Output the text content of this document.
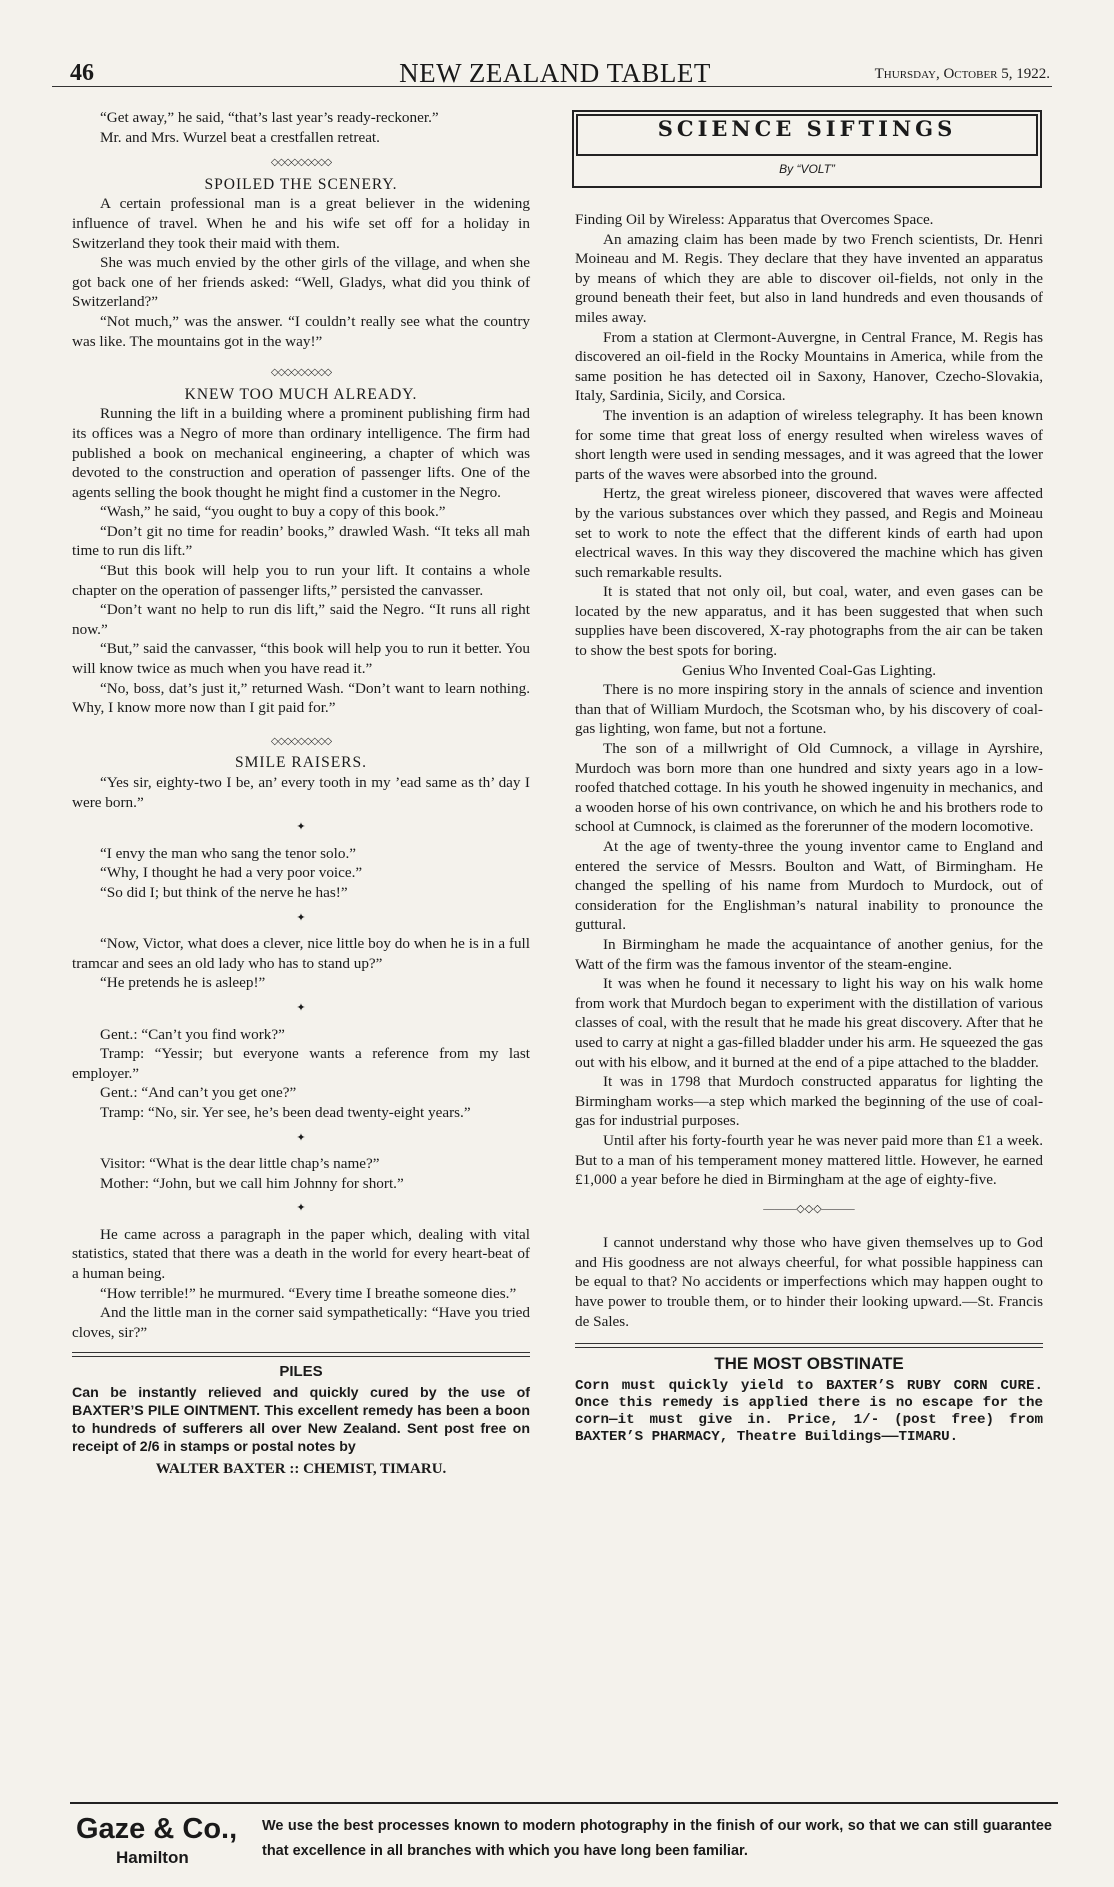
46	NEW ZEALAND TABLET	Thursday, October 5, 1922.

“Get away,” he said, “that’s last year’s ready-reckoner.”

Mr. and Mrs. Wurzel beat a crestfallen retreat.

◇◇◇◇◇◇◇◇◇
SPOILED THE SCENERY.

A certain professional man is a great believer in the widening influence of travel. When he and his wife set off for a holiday in Switzerland they took their maid with them.

She was much envied by the other girls of the village, and when she got back one of her friends asked: “Well, Gladys, what did you think of Switzerland?”

“Not much,” was the answer. “I couldn’t really see what the country was like. The mountains got in the way!”

◇◇◇◇◇◇◇◇◇
KNEW TOO MUCH ALREADY.

Running the lift in a building where a prominent publishing firm had its offices was a Negro of more than ordinary intelligence. The firm had published a book on mechanical engineering, a chapter of which was devoted to the construction and operation of passenger lifts. One of the agents selling the book thought he might find a customer in the Negro.

“Wash,” he said, “you ought to buy a copy of this book.”

“Don’t git no time for readin’ books,” drawled Wash. “It teks all mah time to run dis lift.”

“But this book will help you to run your lift. It contains a whole chapter on the operation of passenger lifts,” persisted the canvasser.

“Don’t want no help to run dis lift,” said the Negro. “It runs all right now.”

“But,” said the canvasser, “this book will help you to run it better. You will know twice as much when you have read it.”

“No, boss, dat’s just it,” returned Wash. “Don’t want to learn nothing. Why, I know more now than I git paid for.”

◇◇◇◇◇◇◇◇◇
SMILE RAISERS.

“Yes sir, eighty-two I be, an’ every tooth in my ’ead same as th’ day I were born.”

✦

“I envy the man who sang the tenor solo.”

“Why, I thought he had a very poor voice.”

“So did I; but think of the nerve he has!”

✦

“Now, Victor, what does a clever, nice little boy do when he is in a full tramcar and sees an old lady who has to stand up?”

“He pretends he is asleep!”

✦

Gent.: “Can’t you find work?”

Tramp: “Yessir; but everyone wants a reference from my last employer.”

Gent.: “And can’t you get one?”

Tramp: “No, sir. Yer see, he’s been dead twenty-eight years.”

✦

Visitor: “What is the dear little chap’s name?”

Mother: “John, but we call him Johnny for short.”

✦

He came across a paragraph in the paper which, dealing with vital statistics, stated that there was a death in the world for every heart-beat of a human being.

“How terrible!” he murmured. “Every time I breathe someone dies.”

And the little man in the corner said sympathetically: “Have you tried cloves, sir?”

PILES
Can be instantly relieved and quickly cured by the use of BAXTER’S PILE OINTMENT. This excellent remedy has been a boon to hundreds of sufferers all over New Zealand. Sent post free on receipt of 2/6 in stamps or postal notes by
WALTER BAXTER :: CHEMIST, TIMARU.
SCIENCE SIFTINGS
By “VOLT”

Finding Oil by Wireless: Apparatus that Overcomes Space.

An amazing claim has been made by two French scientists, Dr. Henri Moineau and M. Regis. They declare that they have invented an apparatus by means of which they are able to discover oil-fields, not only in the ground beneath their feet, but also in land hundreds and even thousands of miles away.

From a station at Clermont-Auvergne, in Central France, M. Regis has discovered an oil-field in the Rocky Mountains in America, while from the same position he has detected oil in Saxony, Hanover, Czecho-Slovakia, Italy, Sardinia, Sicily, and Corsica.

The invention is an adaption of wireless telegraphy. It has been known for some time that great loss of energy resulted when wireless waves of short length were used in sending messages, and it was agreed that the lower parts of the waves were absorbed into the ground.

Hertz, the great wireless pioneer, discovered that waves were affected by the various substances over which they passed, and Regis and Moineau set to work to note the effect that the different kinds of earth had upon electrical waves. In this way they discovered the machine which has given such remarkable results.

It is stated that not only oil, but coal, water, and even gases can be located by the new apparatus, and it has been suggested that when such supplies have been discovered, X-ray photographs from the air can be taken to show the best spots for boring.

Genius Who Invented Coal-Gas Lighting.

There is no more inspiring story in the annals of science and invention than that of William Murdoch, the Scotsman who, by his discovery of coal-gas lighting, won fame, but not a fortune.

The son of a millwright of Old Cumnock, a village in Ayrshire, Murdoch was born more than one hundred and sixty years ago in a low-roofed thatched cottage. In his youth he showed ingenuity in mechanics, and a wooden horse of his own contrivance, on which he and his brothers rode to school at Cumnock, is claimed as the forerunner of the modern locomotive.

At the age of twenty-three the young inventor came to England and entered the service of Messrs. Boulton and Watt, of Birmingham. He changed the spelling of his name from Murdoch to Murdock, out of consideration for the Englishman’s natural inability to pronounce the guttural.

In Birmingham he made the acquaintance of another genius, for the Watt of the firm was the famous inventor of the steam-engine.

It was when he found it necessary to light his way on his walk home from work that Murdoch began to experiment with the distillation of various classes of coal, with the result that he made his great discovery. After that he used to carry at night a gas-filled bladder under his arm. He squeezed the gas out with his elbow, and it burned at the end of a pipe attached to the bladder.

It was in 1798 that Murdoch constructed apparatus for lighting the Birmingham works—a step which marked the beginning of the use of coal-gas for industrial purposes.

Until after his forty-fourth year he was never paid more than £1 a week. But to a man of his temperament money mattered little. However, he earned £1,000 a year before he died in Birmingham at the age of eighty-five.

———◇◇◇———

I cannot understand why those who have given themselves up to God and His goodness are not always cheerful, for what possible happiness can be equal to that? No accidents or imperfections which may happen ought to have power to trouble them, or to hinder their looking upward.—St. Francis de Sales.

THE MOST OBSTINATE
Corn must quickly yield to BAXTER’S RUBY CORN CURE. Once this remedy is applied there is no escape for the corn—it must give in. Price, 1/- (post free) from BAXTER’S PHARMACY, Theatre Buildings——TIMARU.
Gaze & Co.,
Hamilton
We use the best processes known to modern photography in the finish of our work, so that we can still guarantee that excellence in all branches with which you have long been familiar.
